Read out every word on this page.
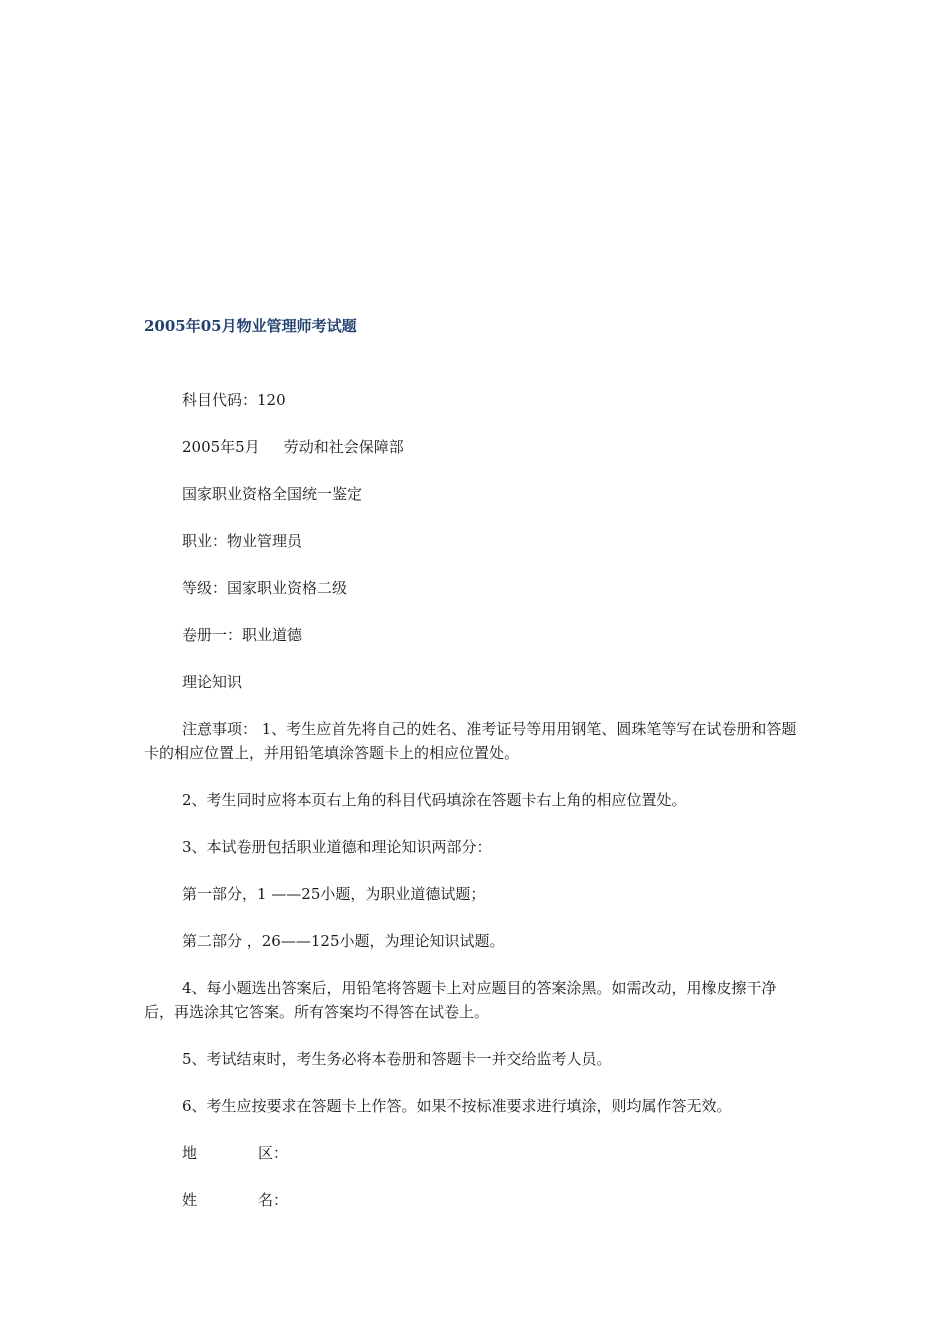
2005年05月物业管理师考试题

科目代码：120

2005年5月 劳动和社会保障部

国家职业资格全国统一鉴定

职业：物业管理员

等级：国家职业资格二级

卷册一：职业道德

理论知识

注意事项： 1、考生应首先将自己的姓名、准考证号等用用钢笔、圆珠笔等写在试卷册和答题卡的相应位置上，并用铅笔填涂答题卡上的相应位置处。

2、考生同时应将本页右上角的科目代码填涂在答题卡右上角的相应位置处。

3、本试卷册包括职业道德和理论知识两部分：

第一部分，1 ——25小题，为职业道德试题；

第二部分 ，26——125小题，为理论知识试题。

4、每小题选出答案后，用铅笔将答题卡上对应题目的答案涂黑。如需改动，用橡皮擦干净后，再选涂其它答案。所有答案均不得答在试卷上。

5、考试结束时，考生务必将本卷册和答题卡一并交给监考人员。

6、考生应按要求在答题卡上作答。如果不按标准要求进行填涂，则均属作答无效。

地	区：
姓	名：
